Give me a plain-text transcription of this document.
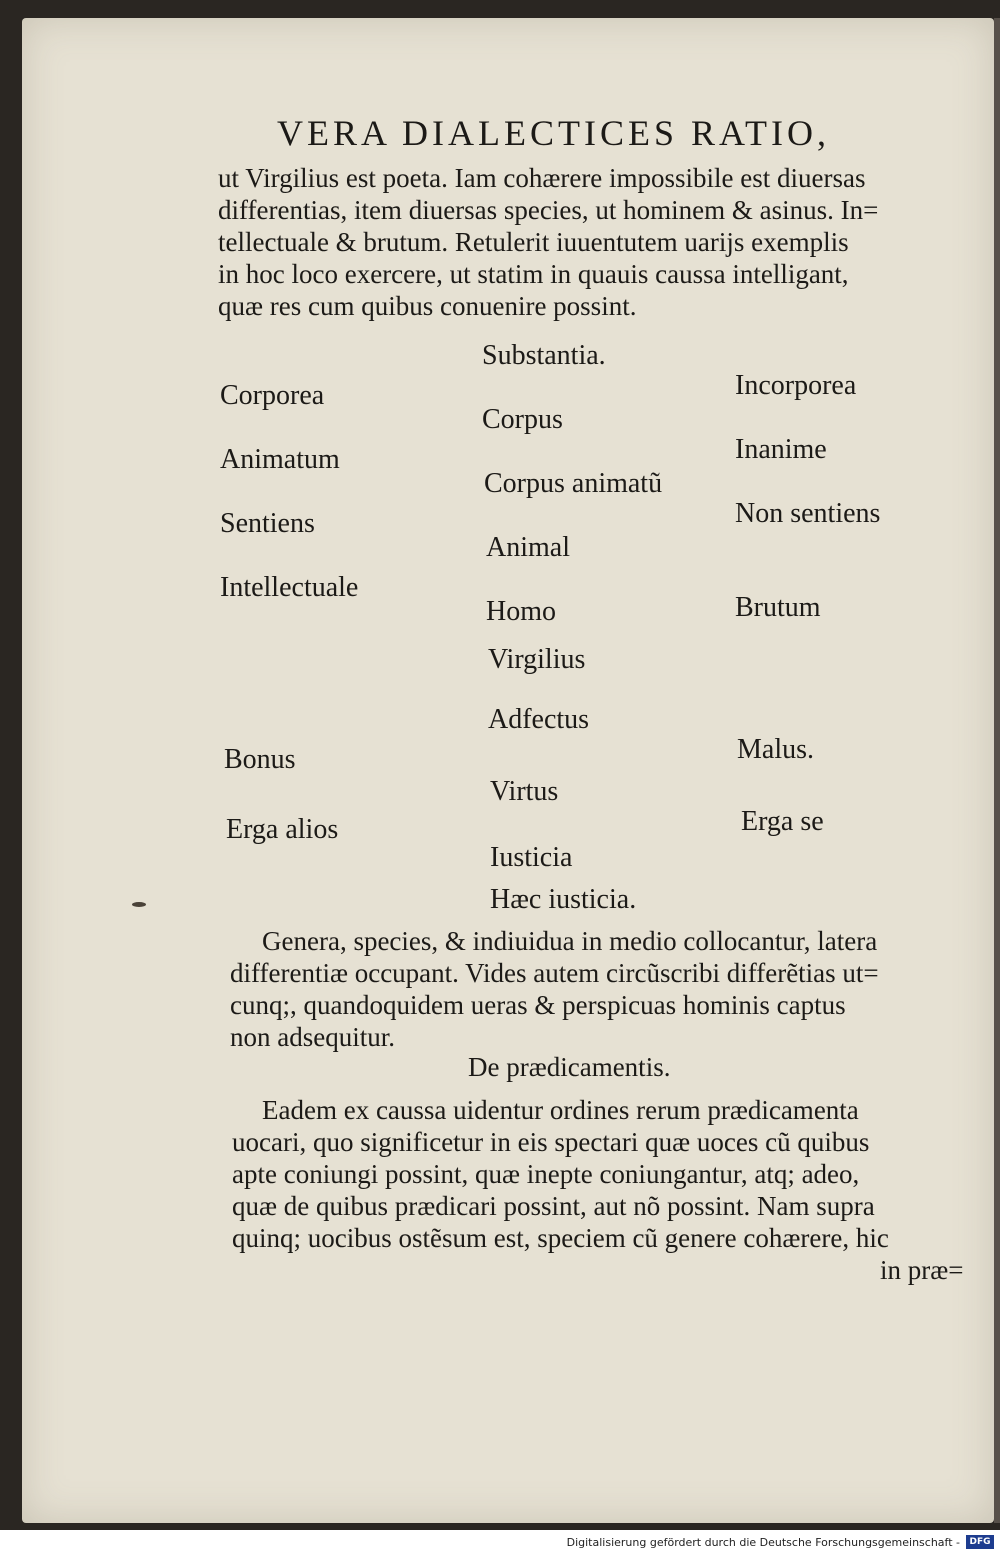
VERA DIALECTICES RATIO,
ut Virgilius est poeta. Iam cohærere impossibile est diuersas
differentias, item diuersas species, ut hominem & asinus. In=
tellectuale & brutum. Retulerit iuuentutem uarijs exemplis
in hoc loco exercere, ut statim in quauis caussa intelligant,
quæ res cum quibus conuenire possint.
Substantia.
Corpus
Corpus animatũ
Animal
Homo
Virgilius
Adfectus
Virtus
Iusticia
Hæc iusticia.
Corporea
Animatum
Sentiens
Intellectuale
Bonus
Erga alios
Incorporea
Inanime
Non sentiens
Brutum
Malus.
Erga se
Genera, species, & indiuidua in medio collocantur, latera
differentiæ occupant. Vides autem circũscribi differẽtias ut=
cunq;, quandoquidem ueras & perspicuas hominis captus
non adsequitur.
De prædicamentis.
Eadem ex caussa uidentur ordines rerum prædicamenta
uocari, quo significetur in eis spectari quæ uoces cũ quibus
apte coniungi possint, quæ inepte coniungantur, atq; adeo,
quæ de quibus prædicari possint, aut nõ possint. Nam supra
quinq; uocibus ostẽsum est, speciem cũ genere cohærere, hic
in præ=
Digitalisierung gefördert durch die Deutsche Forschungsgemeinschaft -	DFG
